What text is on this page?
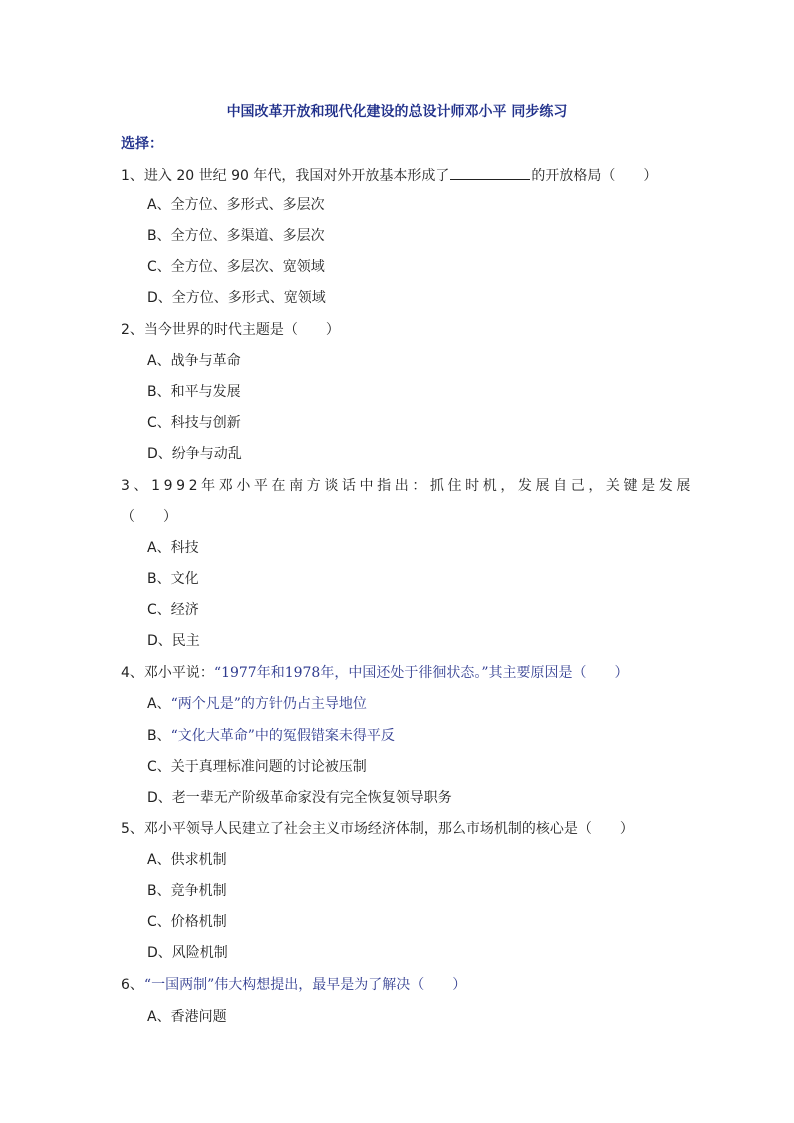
中国改革开放和现代化建设的总设计师邓小平 同步练习
选择：
1、进入 20 世纪 90 年代，我国对外开放基本形成了	的开放格局（　　）
A、全方位、多形式、多层次
B、全方位、多渠道、多层次
C、全方位、多层次、宽领域
D、全方位、多形式、宽领域
2、当今世界的时代主题是（　　）
A、战争与革命
B、和平与发展
C、科技与创新
D、纷争与动乱
3、1992年邓小平在南方谈话中指出：抓住时机，发展自己，关键是发展
（　　）
A、科技
B、文化
C、经济
D、民主
4、邓小平说：“1977年和1978年，中国还处于徘徊状态。”其主要原因是（　　）
A、“两个凡是”的方针仍占主导地位
B、“文化大革命”中的冤假错案未得平反
C、关于真理标准问题的讨论被压制
D、老一辈无产阶级革命家没有完全恢复领导职务
5、邓小平领导人民建立了社会主义市场经济体制，那么市场机制的核心是（　　）
A、供求机制
B、竞争机制
C、价格机制
D、风险机制
6、“一国两制”伟大构想提出，最早是为了解决（　　）
A、香港问题
